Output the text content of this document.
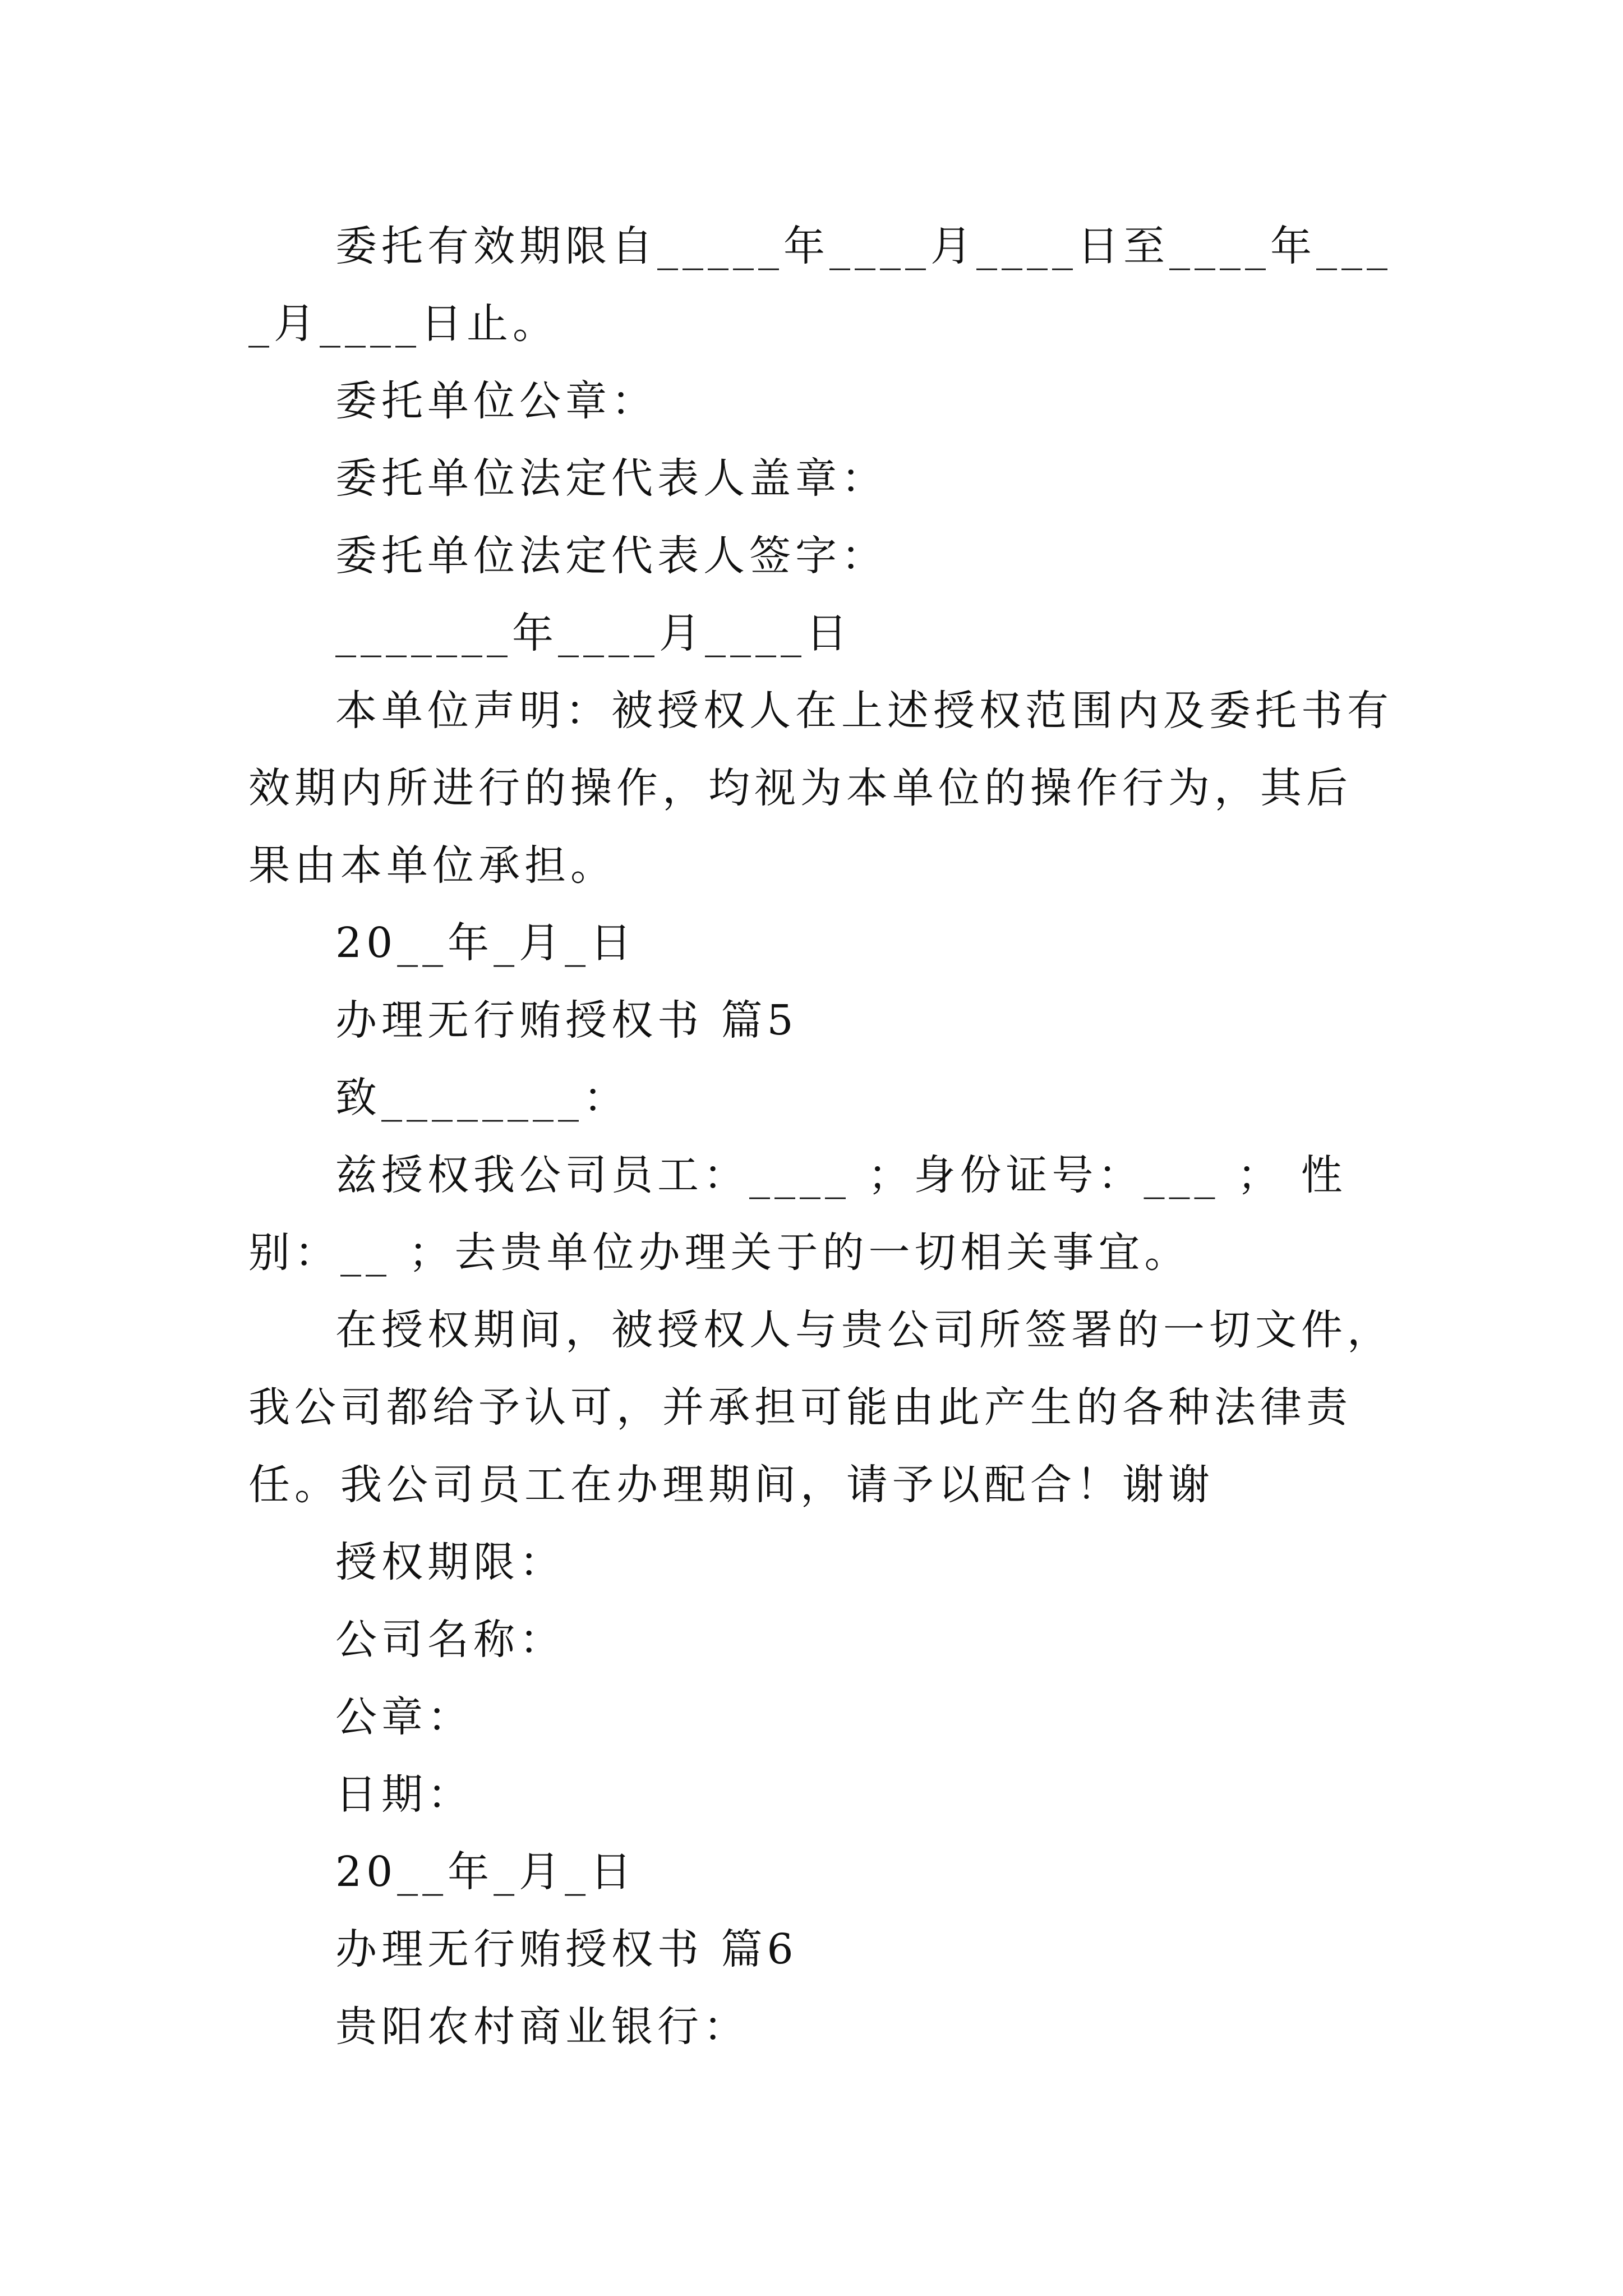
委托有效期限自_____年____月____日至____年____月____日止。

委托单位公章：

委托单位法定代表人盖章：

委托单位法定代表人签字：

_______年____月____日

本单位声明：被授权人在上述授权范围内及委托书有效期内所进行的操作，均视为本单位的操作行为，其后果由本单位承担。

20__年_月_日

办理无行贿授权书 篇5

致________：

兹授权我公司员工：____ ；身份证号：___ ； 性别：__ ；去贵单位办理关于的一切相关事宜。

在授权期间，被授权人与贵公司所签署的一切文件，我公司都给予认可，并承担可能由此产生的各种法律责任。我公司员工在办理期间，请予以配合！谢谢

授权期限：

公司名称：

公章：

日期：

20__年_月_日

办理无行贿授权书 篇6

贵阳农村商业银行：
